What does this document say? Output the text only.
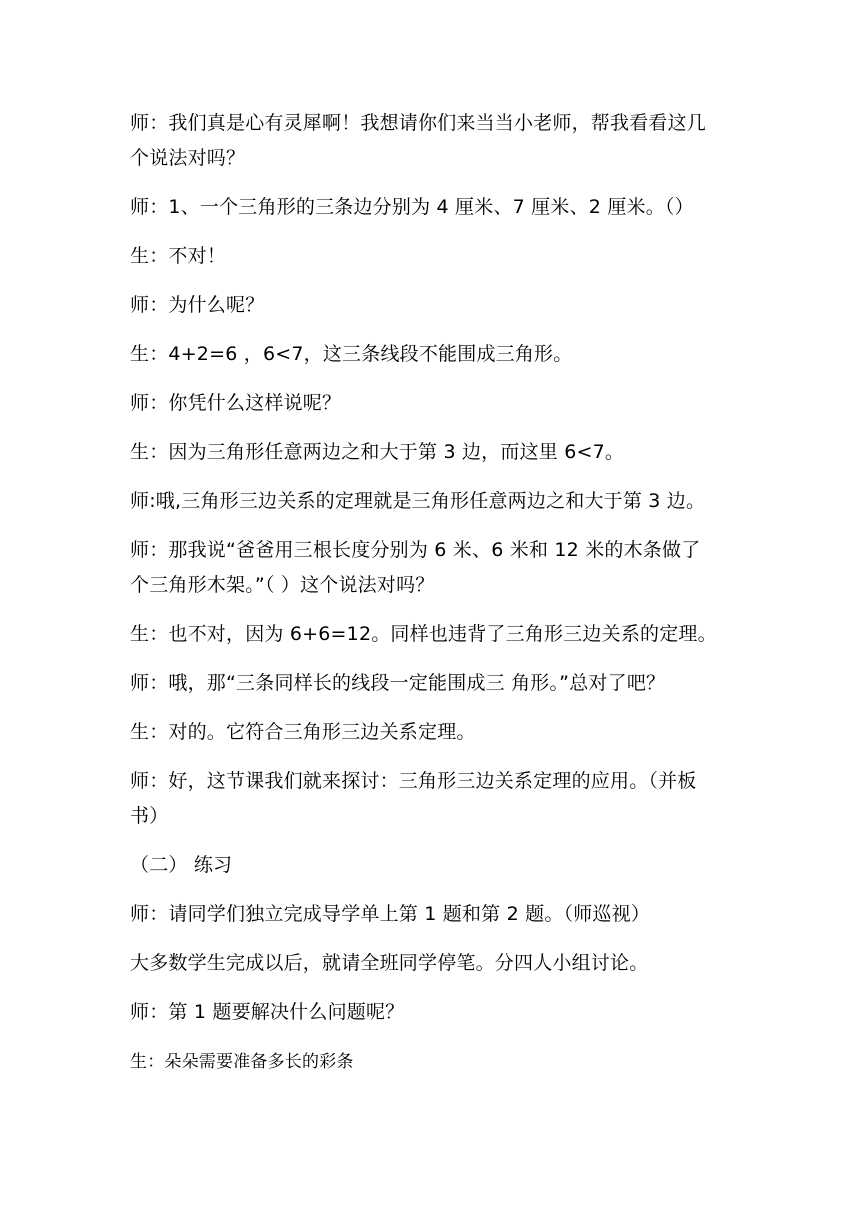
师：我们真是心有灵犀啊！我想请你们来当当小老师，帮我看看这几
个说法对吗？
师：1、一个三角形的三条边分别为 4 厘米、7 厘米、2 厘米。（）
生：不对！
师：为什么呢？
生：4+2=6 ，6<7，这三条线段不能围成三角形。
师：你凭什么这样说呢？
生：因为三角形任意两边之和大于第 3 边，而这里 6<7。
师:哦,三角形三边关系的定理就是三角形任意两边之和大于第 3 边。
师：那我说“爸爸用三根长度分别为 6 米、6 米和 12 米的木条做了
个三角形木架。”（ ）这个说法对吗？
生：也不对，因为 6+6=12。同样也违背了三角形三边关系的定理。
师：哦，那“三条同样长的线段一定能围成三 角形。”总对了吧？
生：对的。它符合三角形三边关系定理。
师：好，这节课我们就来探讨：三角形三边关系定理的应用。（并板
书）
（二） 练习
师：请同学们独立完成导学单上第 1 题和第 2 题。（师巡视）
大多数学生完成以后，就请全班同学停笔。分四人小组讨论。
师：第 1 题要解决什么问题呢？
生：朵朵需要准备多长的彩条
